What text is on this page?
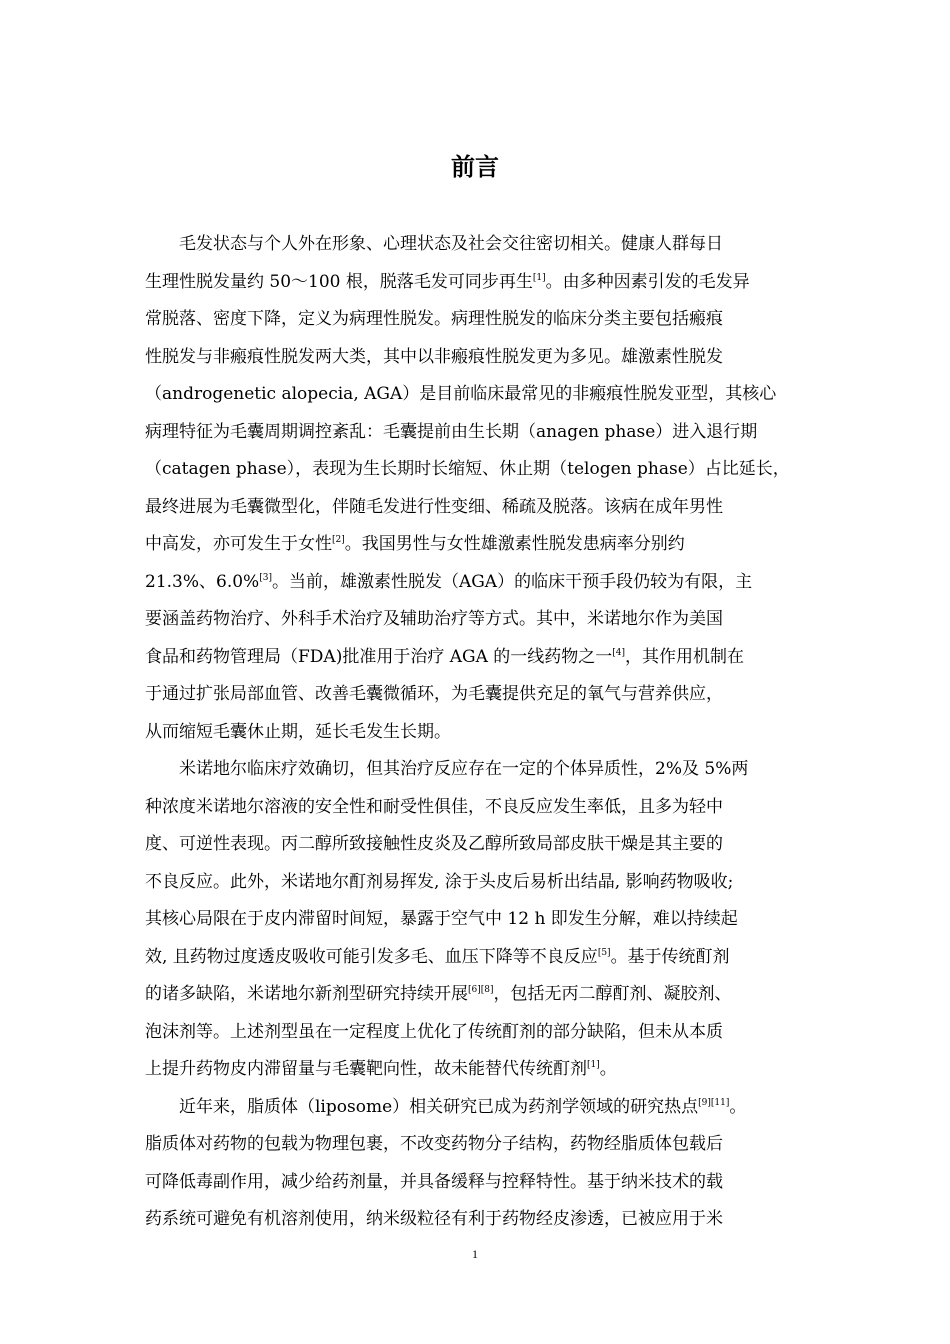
前言
毛发状态与个人外在形象、心理状态及社会交往密切相关。健康人群每日
生理性脱发量约 50～100 根，脱落毛发可同步再生[1]。由多种因素引发的毛发异
常脱落、密度下降，定义为病理性脱发。病理性脱发的临床分类主要包括瘢痕
性脱发与非瘢痕性脱发两大类，其中以非瘢痕性脱发更为多见。雄激素性脱发
（androgenetic alopecia, AGA）是目前临床最常见的非瘢痕性脱发亚型，其核心
病理特征为毛囊周期调控紊乱：毛囊提前由生长期（anagen phase）进入退行期
（catagen phase），表现为生长期时长缩短、休止期（telogen phase）占比延长，
最终进展为毛囊微型化，伴随毛发进行性变细、稀疏及脱落。该病在成年男性
中高发，亦可发生于女性[2]。我国男性与女性雄激素性脱发患病率分别约
21.3%、6.0%[3]。当前，雄激素性脱发（AGA）的临床干预手段仍较为有限，主
要涵盖药物治疗、外科手术治疗及辅助治疗等方式。其中，米诺地尔作为美国
食品和药物管理局（FDA)批准用于治疗 AGA 的一线药物之一[4]，其作用机制在
于通过扩张局部血管、改善毛囊微循环，为毛囊提供充足的氧气与营养供应，
从而缩短毛囊休止期，延长毛发生长期。
米诺地尔临床疗效确切，但其治疗反应存在一定的个体异质性，2%及 5%两
种浓度米诺地尔溶液的安全性和耐受性俱佳，不良反应发生率低，且多为轻中
度、可逆性表现。丙二醇所致接触性皮炎及乙醇所致局部皮肤干燥是其主要的
不良反应。此外，米诺地尔酊剂易挥发, 涂于头皮后易析出结晶, 影响药物吸收;
其核心局限在于皮内滞留时间短，暴露于空气中 12 h 即发生分解，难以持续起
效, 且药物过度透皮吸收可能引发多毛、血压下降等不良反应[5]。基于传统酊剂
的诸多缺陷，米诺地尔新剂型研究持续开展[6][8]，包括无丙二醇酊剂、凝胶剂、
泡沫剂等。上述剂型虽在一定程度上优化了传统酊剂的部分缺陷，但未从本质
上提升药物皮内滞留量与毛囊靶向性，故未能替代传统酊剂[1]。
近年来，脂质体（liposome）相关研究已成为药剂学领域的研究热点[9][11]。
脂质体对药物的包载为物理包裹，不改变药物分子结构，药物经脂质体包载后
可降低毒副作用，减少给药剂量，并具备缓释与控释特性。基于纳米技术的载
药系统可避免有机溶剂使用，纳米级粒径有利于药物经皮渗透，已被应用于米
1
